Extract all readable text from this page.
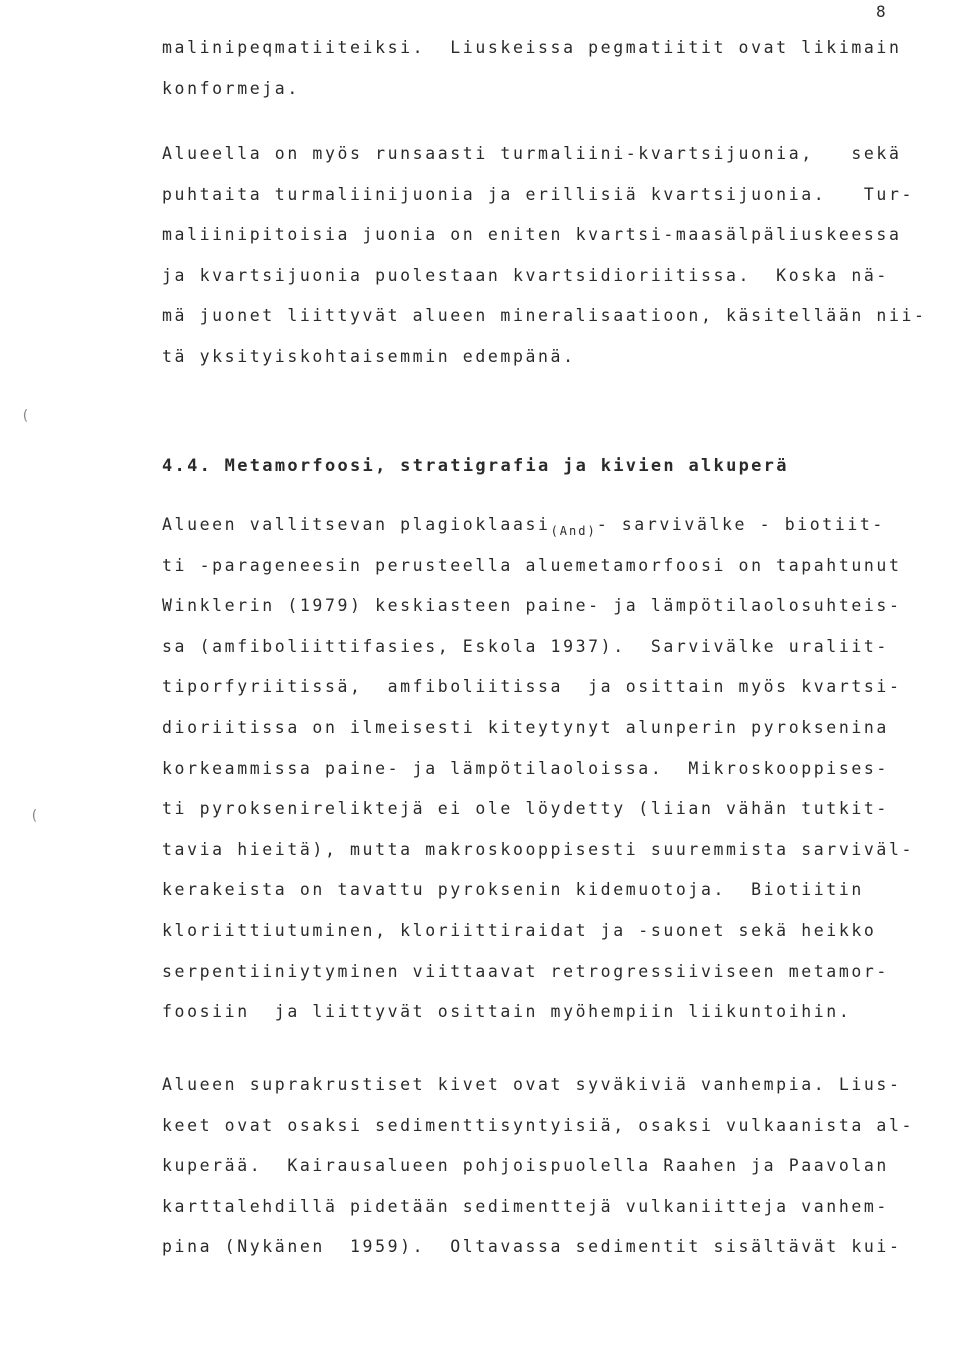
8
malinipeqmatiiteiksi.  Liuskeissa pegmatiitit ovat likimain
konformeja.
Alueella on myös runsaasti turmaliini-kvartsijuonia,   sekä
puhtaita turmaliinijuonia ja erillisiä kvartsijuonia.   Tur-
maliinipitoisia juonia on eniten kvartsi-maasälpäliuskeessa
ja kvartsijuonia puolestaan kvartsidioriitissa.  Koska nä-
mä juonet liittyvät alueen mineralisaatioon, käsitellään nii-
tä yksityiskohtaisemmin edempänä.
4.4. Metamorfoosi, stratigrafia ja kivien alkuperä
Alueen vallitsevan plagioklaasi$_{(And)}$- sarvivälke - biotiit-
ti -parageneesin perusteella aluemetamorfoosi on tapahtunut
Winklerin (1979) keskiasteen paine- ja lämpötilaolosuhteis-
sa (amfiboliittifasies, Eskola 1937).  Sarvivälke uraliit-
tiporfyriitissä,  amfiboliitissa  ja osittain myös kvartsi-
dioriitissa on ilmeisesti kiteytynyt alunperin pyroksenina
korkeammissa paine- ja lämpötilaoloissa.  Mikroskooppises-
ti pyroksenireliktejä ei ole löydetty (liian vähän tutkit-
tavia hieitä), mutta makroskooppisesti suuremmista sarviväl-
kerakeista on tavattu pyroksenin kidemuotoja.  Biotiitin
kloriittiutuminen, kloriittiraidat ja -suonet sekä heikko
serpentiiniytyminen viittaavat retrogressiiviseen metamor-
foosiin  ja liittyvät osittain myöhempiin liikuntoihin.
Alueen suprakrustiset kivet ovat syväkiviä vanhempia. Lius-
keet ovat osaksi sedimenttisyntyisiä, osaksi vulkaanista al-
kuperää.  Kairausalueen pohjoispuolella Raahen ja Paavolan
karttalehdillä pidetään sedimenttejä vulkaniitteja vanhem-
pina (Nykänen  1959).  Oltavassa sedimentit sisältävät kui-
(
(
